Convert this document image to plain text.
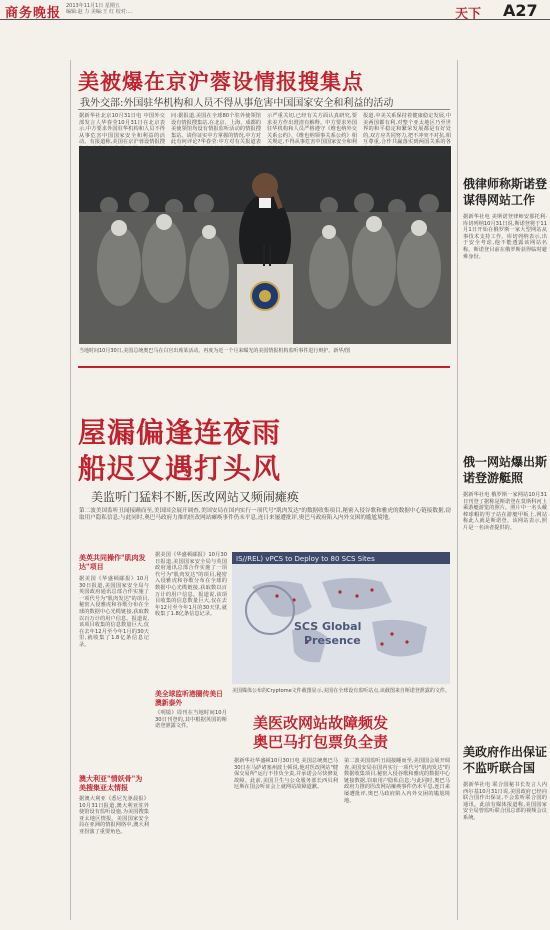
商务晚报 2013年11月1日 星期五
编辑:赵 力 美编:王 红 校对:…	天下 A27
美被爆在京沪蓉设情报搜集点
我外交部:外国驻华机构和人员不得从事危害中国国家安全和利益的活动
据新华社北京10月31日电 中国外交部发言人华春莹10月31日在北京表示,中方要求外国驻华机构和人员不得从事危害中国国家安全和利益的活动。有报道称,美国在京沪蓉设情报搜
问:据报道,美国在全球80个驻外使领馆设有情报搜集站,在北京、上海、成都的美使领馆均设有情报监听活动的情报搜集站。请你证实中方掌握的情况,中方对此有何评论?华春莹:中方对有关报道表
示严重关切,已经有关方面认真研究,要求美方作出澄清有解释。中方要求外国驻华机构和人员严格遵守《维也纳外交关系公约》、《维也纳领事关系公约》相关规定,不得从事危害中国国家安全和利
报道,中美关系保持着健康稳定发展,中美两国都有利,对整个亚太地区乃至世界的和平稳定和繁荣发展都是有好处的,双方应共同努力,把不冲突不对抗,相互尊重,合作共赢落实到两国关系的各
当地时间10月30日,美国总统奥巴马在白宫出席某活动。再度为近一个月来曝光的美国情报机构监听事件进行辩护。新华/图
屋漏偏逢连夜雨
船迟又遇打头风
美监听门猛料不断,医改网站又频闹瘫痪
第二波美国监听丑闻接踵而至,美国国会展开调查,美国安局在国内实行一项代号"肌肉发达"的数据收集项目,秘密入侵谷歌和雅虎的数据中心链接数据,窃取用户隐私信息;与此同时,奥巴马政府力推的医改网站瘫痪事件仍未平息,连日来屡遭批评,奥巴马政府陷入内外交困的尴尬境地。
美英共同操作"肌肉发达"项目
据美国《华盛顿邮报》10月30日报道,美国国家安全局与英国政府通讯总部合作实施了一项代号为"肌肉发达"的项目,秘密入侵雅虎和谷歌分布在全球的数据中心光缆链接,获取数以百万计的用户信息。报道说,该项目收集的信息数量巨大,仅在去年12月至今年1月的30天里,就收集了1.8亿条信息记录。
澳大利亚"情妖骨"为美搜集亚太情报
据澳大利亚《悉尼先驱晨报》10月31日报道,澳大利亚驻外使馆设有监听设施,为美国搜集亚太地区情报。美国国家安全局在亚洲的情报网络中,澳大利亚扮演了重要角色。
据美国《华盛顿邮报》10月30日报道,美国国家安全局与英国政府通讯总部合作实施了一项代号为"肌肉发达"的项目,秘密入侵雅虎和谷歌分布在全球的数据中心光缆链接,获取数以百万计的用户信息。报道说,该项目收集的信息数量巨大,仅在去年12月至今年1月的30天里,就收集了1.8亿条信息记录。
美全球监听港圈传美日澳新泰外
《明镜》周刊在当地时间10月30日刊登的,其中根据英国的斯诺登泄露文件。
IS//REL) vPCS to Deploy to 80 SCS Sites
SCS Global
Presence
美国媒体公布的Cryptome文件截图显示,美国在全球设有监听站点,该截图来自斯诺登泄露的文件。
美医改网站故障频发
奥巴马打包票负全责
据新华社华盛顿10月30日电 美国总统奥巴马30日在马萨诸塞州波士顿说,他对医改网站"健保交易所"运行不佳负全责,并承诺会尽快修复故障。此前,美国卫生与公众服务部长西贝利厄斯在国会听证会上就网站故障道歉。
第二波美国监听丑闻接踵而至,美国国会展开调查,美国安局在国内实行一项代号"肌肉发达"的数据收集项目,秘密入侵谷歌和雅虎的数据中心链接数据,窃取用户隐私信息;与此同时,奥巴马政府力推的医改网站瘫痪事件仍未平息,连日来屡遭批评,奥巴马政府陷入内外交困的尴尬境地。
俄律师称斯诺登谋得网站工作
据新华社电 美斯诺登律师安那托利·库切列纳10月31日说,斯诺登将于11月1日开始在俄罗斯一家大型网站从事技术支持工作。库切列纳表示,出于安全考虑,他不能透露该网站名称。斯诺登目前在俄罗斯获得临时避难身份。
俄一网站爆出斯诺登游艇照
据新华社电 俄罗斯一家网站10月31日刊登了据称是斯诺登在莫斯科河上乘游艇游览的照片。照片中一名头戴棒球帽的男子站在游艇甲板上,网站称此人就是斯诺登。该网站表示,照片是一名读者提供的。
美政府作出保证不监听联合国
据新华社电 联合国秘书长发言人内西尔基10月31日说,美国政府已经向联合国作出保证,不会监听联合国的通讯。此前有媒体报道称,美国国家安全局曾监听联合国总部的视频会议系统。
